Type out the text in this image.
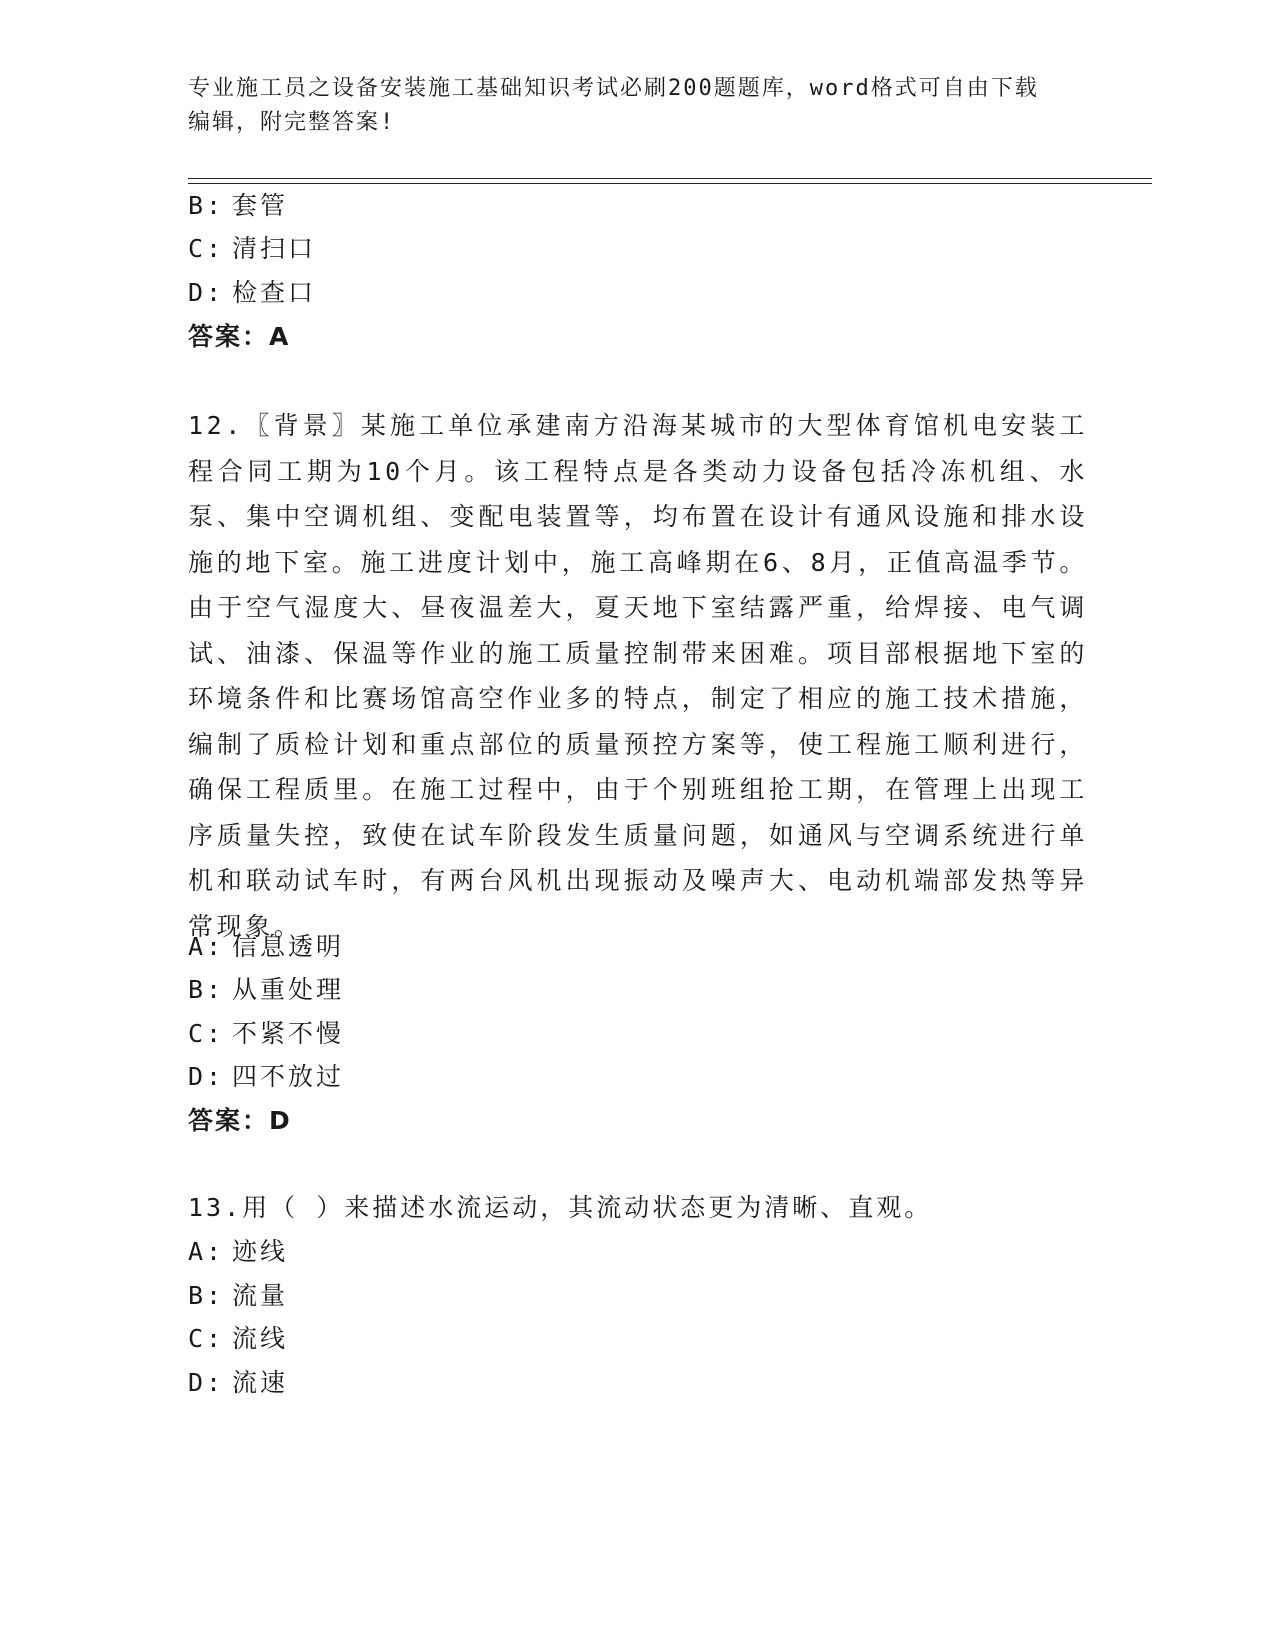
专业施工员之设备安装施工基础知识考试必刷200题题库，word格式可自由下载
编辑，附完整答案!
B: 套管
C: 清扫口
D: 检查口
答案：A
12.〖背景〗某施工单位承建南方沿海某城市的大型体育馆机电安装工程合同工期为10个月。该工程特点是各类动力设备包括冷冻机组、水泵、集中空调机组、变配电装置等，均布置在设计有通风设施和排水设施的地下室。施工进度计划中，施工高峰期在6、8月，正值高温季节。由于空气湿度大、昼夜温差大，夏天地下室结露严重，给焊接、电气调试、油漆、保温等作业的施工质量控制带来困难。项目部根据地下室的环境条件和比赛场馆高空作业多的特点，制定了相应的施工技术措施，编制了质检计划和重点部位的质量预控方案等，使工程施工顺利进行，确保工程质里。在施工过程中，由于个别班组抢工期，在管理上出现工序质量失控，致使在试车阶段发生质量问题，如通风与空调系统进行单机和联动试车时，有两台风机出现振动及噪声大、电动机端部发热等异常现象。
A: 信息透明
B: 从重处理
C: 不紧不慢
D: 四不放过
答案：D
13.用（ ）来描述水流运动，其流动状态更为清晰、直观。
A: 迹线
B: 流量
C: 流线
D: 流速
